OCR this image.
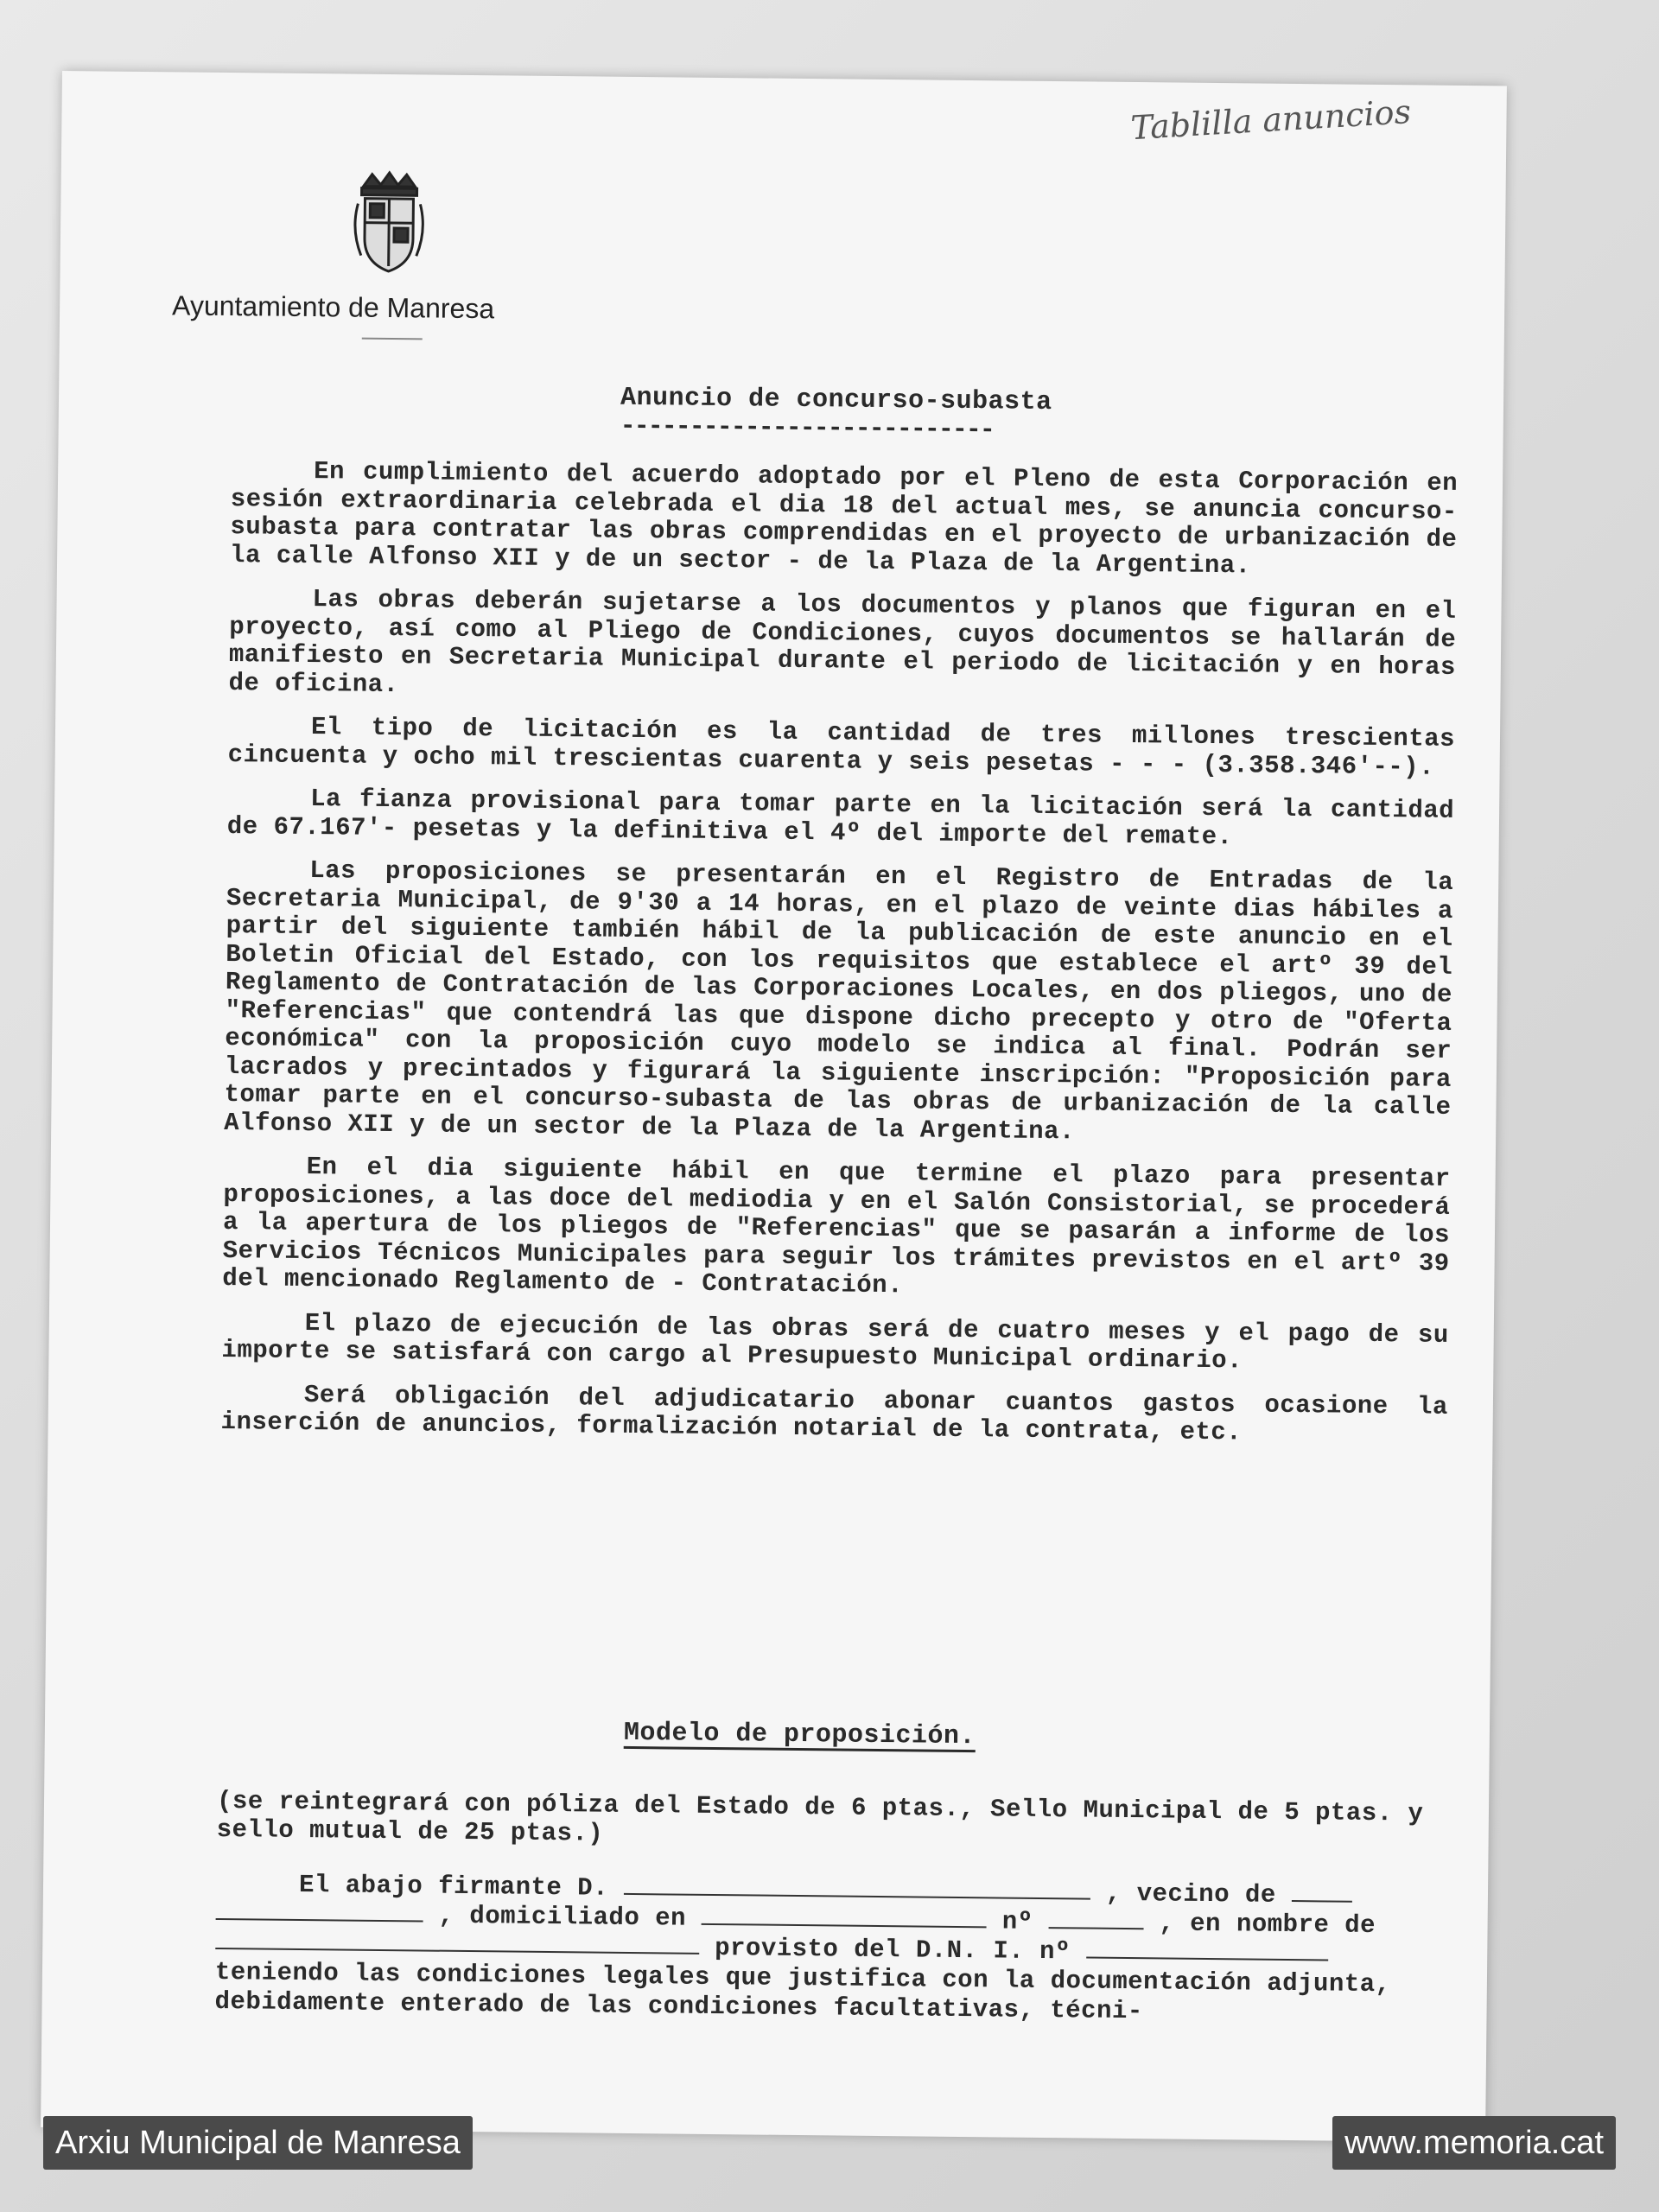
Tablilla anuncios
Ayuntamiento de Manresa
Anuncio de concurso-subasta
---------------------------

En cumplimiento del acuerdo adoptado por el Pleno de esta Corporación en sesión extraordinaria celebrada el dia 18 del actual mes, se anuncia concurso-subasta para contratar las obras comprendidas en el proyecto de urbanización de la calle Alfonso XII y de un sector - de la Plaza de la Argentina.

Las obras deberán sujetarse a los documentos y planos que figuran en el proyecto, así como al Pliego de Condiciones, cuyos documentos se hallarán de manifiesto en Secretaria Municipal durante el periodo de licitación y en horas de oficina.

El tipo de licitación es la cantidad de tres millones trescientas cincuenta y ocho mil trescientas cuarenta y seis pesetas - - - (3.358.346'--).

La fianza provisional para tomar parte en la licitación será la cantidad de 67.167'- pesetas y la definitiva el 4º del importe del remate.

Las proposiciones se presentarán en el Registro de Entradas de la Secretaria Municipal, de 9'30 a 14 horas, en el plazo de veinte dias hábiles a partir del siguiente también hábil de la publicación de este anuncio en el Boletin Oficial del Estado, con los requisitos que establece el artº 39 del Reglamento de Contratación de las Corporaciones Locales, en dos pliegos, uno de "Referencias" que contendrá las que dispone dicho precepto y otro de "Oferta económica" con la proposición cuyo modelo se indica al final. Podrán ser lacrados y precintados y figurará la siguiente inscripción: "Proposición para tomar parte en el concurso-subasta de las obras de urbanización de la calle Alfonso XII y de un sector de la Plaza de la Argentina.

En el dia siguiente hábil en que termine el plazo para presentar proposiciones, a las doce del mediodia y en el Salón Consistorial, se procederá a la apertura de los pliegos de "Referencias" que se pasarán a informe de los Servicios Técnicos Municipales para seguir los trámites previstos en el artº 39 del mencionado Reglamento de - Contratación.

El plazo de ejecución de las obras será de cuatro meses y el pago de su importe se satisfará con cargo al Presupuesto Municipal ordinario.

Será obligación del adjudicatario abonar cuantos gastos ocasione la inserción de anuncios, formalización notarial de la contrata, etc.

Modelo de proposición.
(se reintegrará con póliza del Estado de 6 ptas., Sello Municipal de 5 ptas. y sello mutual de 25 ptas.)
El abajo firmante D.	, vecino de
, domiciliado en	nº	, en nombre de
provisto del D.N. I. nº
teniendo las condiciones legales que justifica con la documentación adjunta, debidamente enterado de las condiciones facultativas, técni-
Arxiu Municipal de Manresa	www.memoria.cat
